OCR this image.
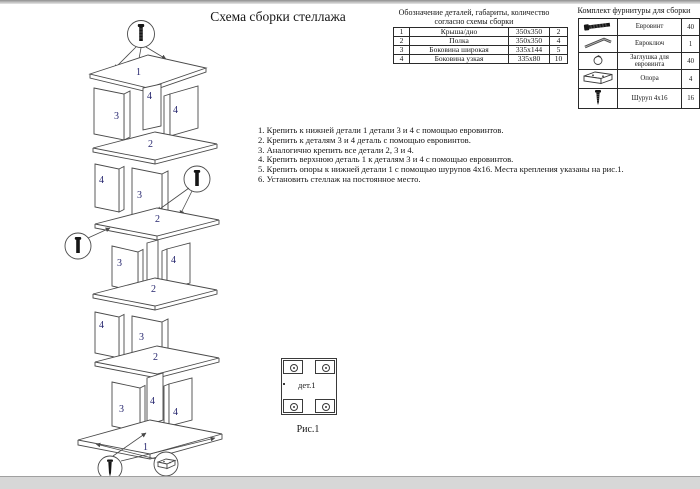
Схема сборки стеллажа	Обозначение деталей, габариты, количество
согласно схемы сборки
1	Крыша/дно	350x350	2
2	Полка	350x350	4
3	Боковина широкая	335x144	5
4	Боковина узкая	335x80	10
Комплект фурнитуры для сборки
	Евровинт	40
	Евроключ	1
	Заглушка для евровинта	40
	Опора	4
	Шуруп 4x16	16
1. Крепить к нижней детали 1 детали 3 и 4 с помощью евровинтов.
2. Крепить к деталям 3 и 4 деталь с помощью евровинтов.
3. Аналогично крепить все детали 2, 3 и 4.
4. Крепить верхнюю деталь 1 к деталям 3 и 4 с помощью евровинтов.
5. Крепить опоры к нижней детали 1 с помощью шурупов 4x16. Места крепления указаны на рис.1.
6. Установить стеллаж на постоянное место.
1
4
3
4
2
4
3
2
3	4
2
4
3
2
4
3	4
1
дет.1
Рис.1
